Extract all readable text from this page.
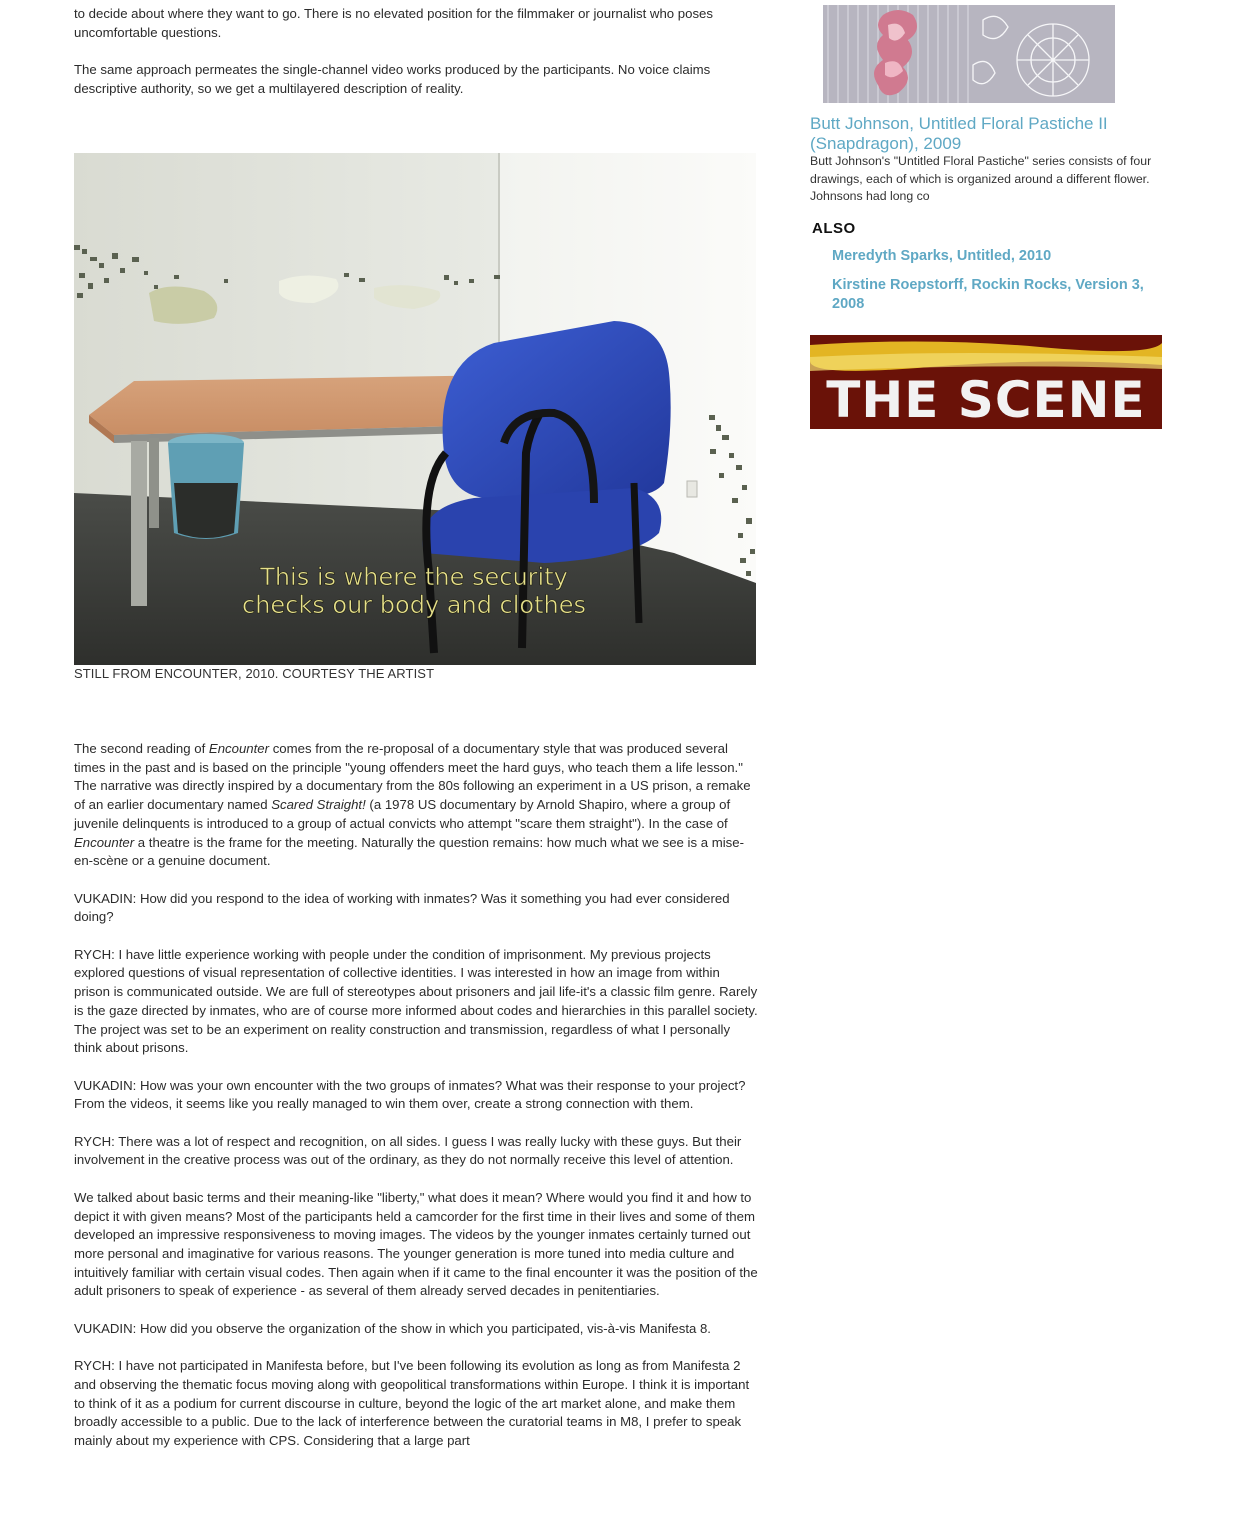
to decide about where they want to go. There is no elevated position for the filmmaker or journalist who poses uncomfortable questions.

The same approach permeates the single-channel video works produced by the participants. No voice claims descriptive authority, so we get a multilayered description of reality.

This is where the security
checks our body and clothes
STILL FROM ENCOUNTER, 2010. COURTESY THE ARTIST

The second reading of Encounter comes from the re-proposal of a documentary style that was produced several times in the past and is based on the principle "young offenders meet the hard guys, who teach them a life lesson." The narrative was directly inspired by a documentary from the 80s following an experiment in a US prison, a remake of an earlier documentary named Scared Straight! (a 1978 US documentary by Arnold Shapiro, where a group of juvenile delinquents is introduced to a group of actual convicts who attempt "scare them straight"). In the case of Encounter a theatre is the frame for the meeting. Naturally the question remains: how much what we see is a mise-en-scène or a genuine document.

VUKADIN: How did you respond to the idea of working with inmates? Was it something you had ever considered doing?

RYCH: I have little experience working with people under the condition of imprisonment. My previous projects explored questions of visual representation of collective identities. I was interested in how an image from within prison is communicated outside. We are full of stereotypes about prisoners and jail life-it's a classic film genre. Rarely is the gaze directed by inmates, who are of course more informed about codes and hierarchies in this parallel society. The project was set to be an experiment on reality construction and transmission, regardless of what I personally think about prisons.

VUKADIN: How was your own encounter with the two groups of inmates? What was their response to your project? From the videos, it seems like you really managed to win them over, create a strong connection with them.

RYCH: There was a lot of respect and recognition, on all sides. I guess I was really lucky with these guys. But their involvement in the creative process was out of the ordinary, as they do not normally receive this level of attention.

We talked about basic terms and their meaning-like "liberty," what does it mean? Where would you find it and how to depict it with given means? Most of the participants held a camcorder for the first time in their lives and some of them developed an impressive responsiveness to moving images. The videos by the younger inmates certainly turned out more personal and imaginative for various reasons. The younger generation is more tuned into media culture and intuitively familiar with certain visual codes. Then again when if it came to the final encounter it was the position of the adult prisoners to speak of experience - as several of them already served decades in penitentiaries.

VUKADIN: How did you observe the organization of the show in which you participated, vis-à-vis Manifesta 8.

RYCH: I have not participated in Manifesta before, but I've been following its evolution as long as from Manifesta 2 and observing the thematic focus moving along with geopolitical transformations within Europe. I think it is important to think of it as a podium for current discourse in culture, beyond the logic of the art market alone, and make them broadly accessible to a public. Due to the lack of interference between the curatorial teams in M8, I prefer to speak mainly about my experience with CPS. Considering that a large part

Butt Johnson, Untitled Floral Pastiche II (Snapdragon), 2009
Butt Johnson's "Untitled Floral Pastiche" series consists of four drawings, each of which is organized around a different flower. Johnsons had long co
ALSO
Meredyth Sparks, Untitled, 2010
Kirstine Roepstorff, Rockin Rocks, Version 3, 2008
THE SCENE
